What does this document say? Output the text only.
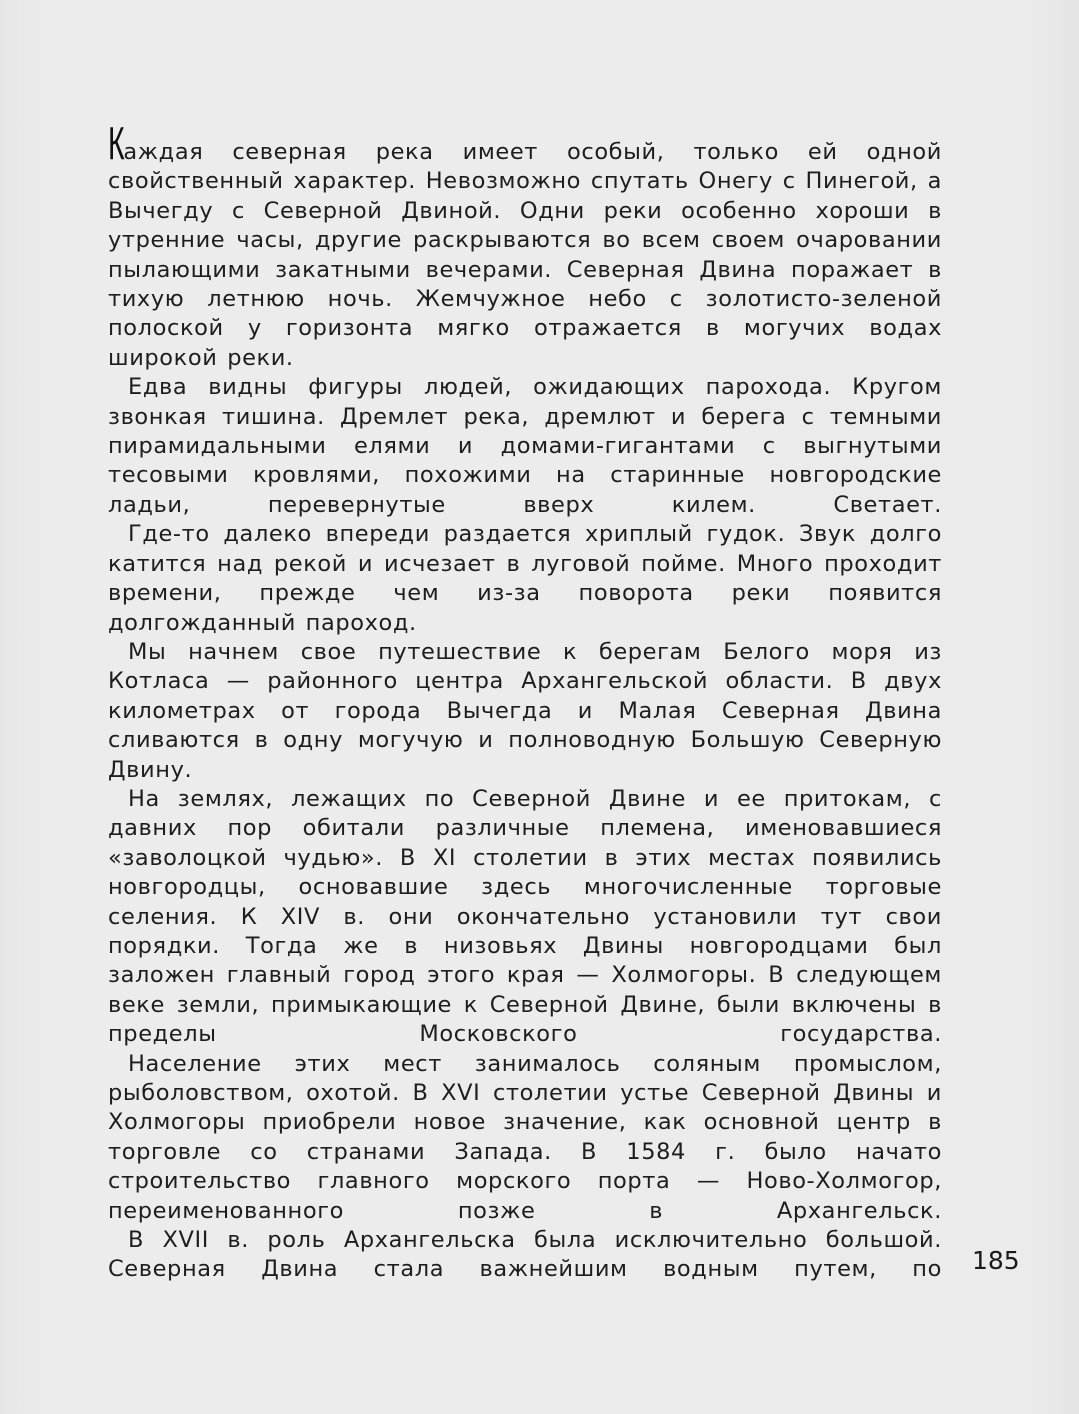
Каждая северная река имеет особый, только ей одной свойственный характер. Невозможно спутать Онегу с Пинегой, а Вычегду с Северной Двиной. Одни реки особенно хороши в утренние часы, другие раскрываются во всем своем очаровании пылающими закатными вечерами. Северная Двина поражает в тихую летнюю ночь. Жемчужное небо с золотисто-зеленой полоской у горизонта мягко отражается в могучих водах широкой реки.

Едва видны фигуры людей, ожидающих парохода. Кругом звонкая тишина. Дремлет река, дремлют и берега с темными пирамидальными елями и домами-гигантами с выгнутыми тесовыми кровлями, похожими на старинные новгородские ладьи, перевернутые вверх килем. Светает.

Где-то далеко впереди раздается хриплый гудок. Звук долго катится над рекой и исчезает в луговой пойме. Много проходит времени, прежде чем из-за поворота реки появится долгожданный пароход.

Мы начнем свое путешествие к берегам Белого моря из Котласа — районного центра Архангельской области. В двух километрах от города Вычегда и Малая Северная Двина сливаются в одну могучую и полноводную Большую Северную Двину.

На землях, лежащих по Северной Двине и ее притокам, с давних пор обитали различные племена, именовавшиеся «заволоцкой чудью». В XI столетии в этих местах появились новгородцы, основавшие здесь многочисленные торговые селения. К XIV в. они окончательно установили тут свои порядки. Тогда же в низовьях Двины новгородцами был заложен главный город этого края — Холмогоры. В следующем веке земли, примыкающие к Северной Двине, были включены в пределы Московского государства.

Население этих мест занималось соляным промыслом, рыболовством, охотой. В XVI столетии устье Северной Двины и Холмогоры приобрели новое значение, как основной центр в торговле со странами Запада. В 1584 г. было начато строительство главного морского порта — Ново-Холмогор, переименованного позже в Архангельск.

В XVII в. роль Архангельска была исключительно большой. Северная Двина стала важнейшим водным путем, по 185
